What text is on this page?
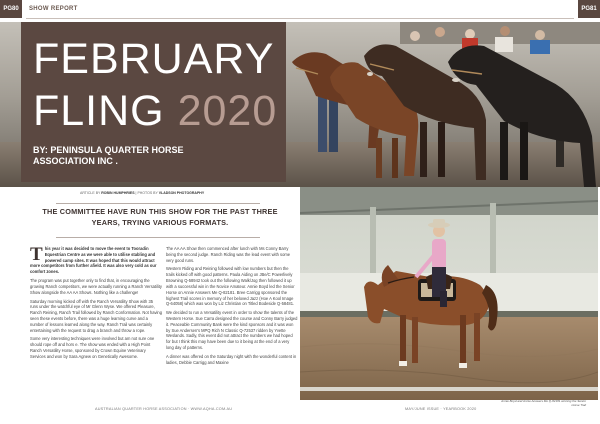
PG80	SHOW REPORT	PG81
FEBRUARY
FLING 2020
BY: PENINSULA QUARTER HORSE ASSOCIATION INC .
ARTICLE BY ROBIN HUMPHRIES | PHOTOS BY VLADSON PHOTOGRAPHY
THE COMMITTEE HAVE RUN THIS SHOW FOR THE PAST THREE YEARS, TRYING VARIOUS FORMATS.

T his year it was decided to move the event to Tooradin Equestrian Centre as we were able to utilise stabling and powered camp sites. It was hoped that this would attract more competitors from further afield. It was also very cold as our comfort zones.

The program was put together only to find that, in encouraging the growing Ranch competitors, we were actually running a Ranch Versatility Show alongside the AA AA Shows. Nothing like a challenge!

Saturday morning kicked off with the Ranch Versatility Show with 35 runs under the watchful eye of Mr Glenn Wyse. We offered Pleasure, Ranch Reining, Ranch Trail followed by Ranch Conformation. Not having seen these events before, there was a huge learning curve and a number of lessons learned along the way. Ranch Trail was certainly entertaining with the request to drag a branch and throw a rope.

Some very interesting techniques were involved but am not sure one should rope off and hors e. The show was ended with a High Point Ranch Versatility Horse, sponsored by Crown Equine Veterinary Services and won by Sara Agnew on Genetically Awesome.

The AA AA Show then commenced after lunch with Ms Conny Barry being the second judge. Ranch Riding was the lead event with some very good runs.

Western Riding and Reining followed with low numbers but then the trails kicked off with good patterns. Paula Aiding on JBe/C Powerlively Browning Q-58942 took out the following Walk/Jog then followed it up with a successful win in the Novice Amateur. Annie Boyd led the Senior Horse on Annie Answers Me Q-82181. Bree Carrigg sponsored the highest Trail scores in memory of her beloved Jazz (Hoe A Kool Image Q-64058) which was won by Liz Christian on Titled Bodeside Q-58481.

We decided to run a Versatility event in order to show the talents of the Western Horse. Sue Carra designed the course and Conny Barry judged it. Peaceable Community Bank were the kind sponsors and it was won by Sue Andersen's MPQ Rich N Classic Q-72537 ridden by Yvette Weslands. Sadly, this event did not attract the numbers we had hoped for but I think this may have been due to it being at the end of a very long day of patterns.

A dinner was offered on the Saturday night with the wonderful content in ladies, Debbie Carrigg and Maxine

Annie Boyd and Annie Answers Me Q-82181 winning the Senior Horse Trail
AUSTRALIAN QUARTER HORSE ASSOCIATION · WWW.AQHA.COM.AU	MAY/JUNE ISSUE · YEARBOOK 2020
